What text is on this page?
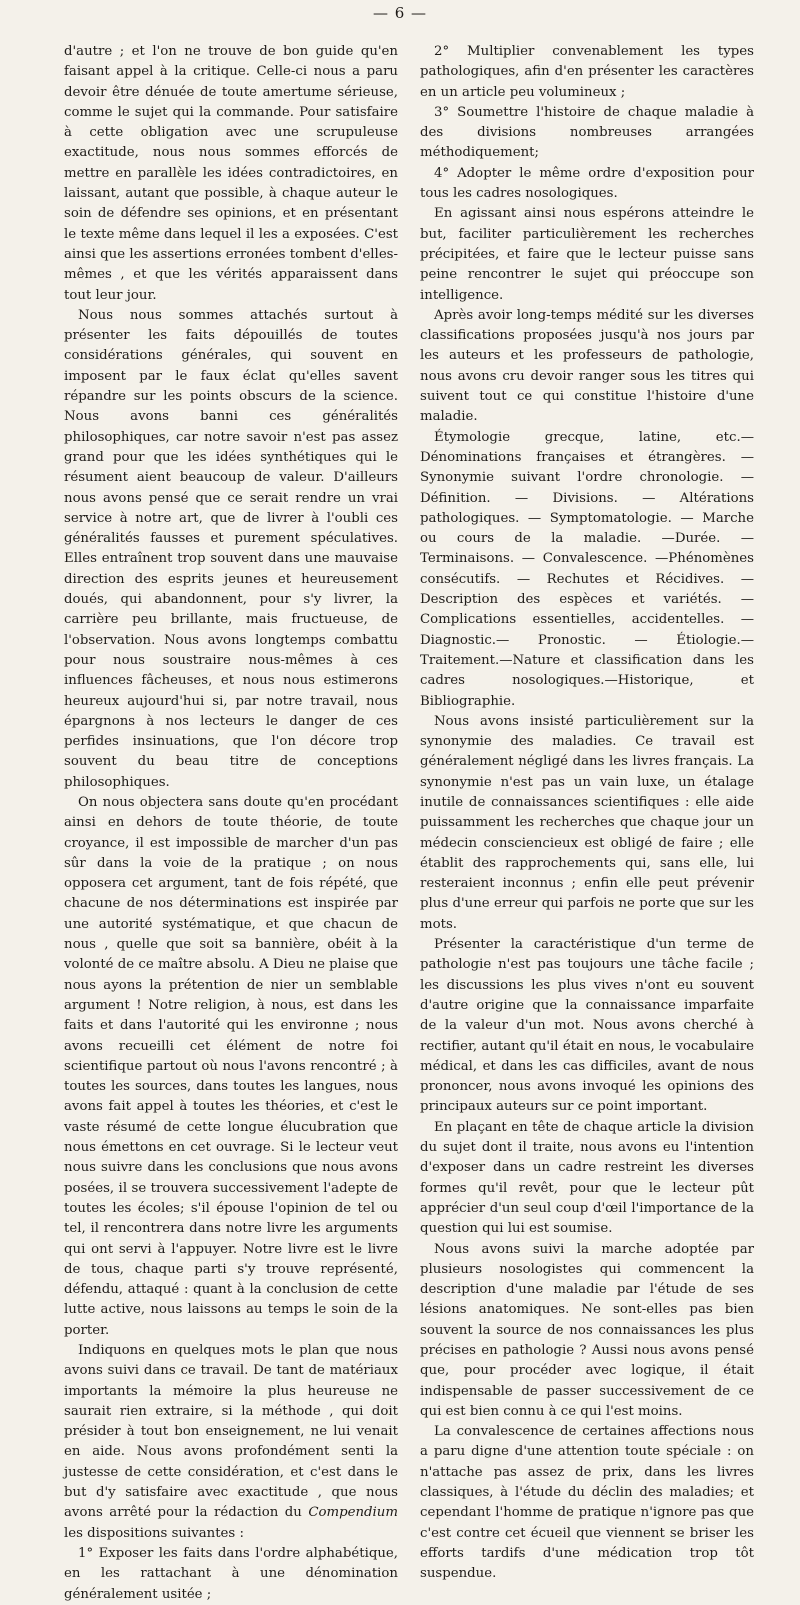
— 6 —

d'autre ; et l'on ne trouve de bon guide qu'en faisant appel à la critique. Celle-ci nous a paru devoir être dénuée de toute amertume sérieuse, comme le sujet qui la commande. Pour satisfaire à cette obligation avec une scrupuleuse exactitude, nous nous sommes efforcés de mettre en parallèle les idées contradictoires, en laissant, autant que possible, à chaque auteur le soin de défendre ses opinions, et en présentant le texte même dans lequel il les a exposées. C'est ainsi que les assertions erronées tombent d'elles-mêmes , et que les vérités apparaissent dans tout leur jour.

Nous nous sommes attachés surtout à présenter les faits dépouillés de toutes considérations générales, qui souvent en imposent par le faux éclat qu'elles savent répandre sur les points obscurs de la science. Nous avons banni ces généralités philosophiques, car notre savoir n'est pas assez grand pour que les idées synthétiques qui le résument aient beaucoup de valeur. D'ailleurs nous avons pensé que ce serait rendre un vrai service à notre art, que de livrer à l'oubli ces généralités fausses et purement spéculatives. Elles entraînent trop souvent dans une mauvaise direction des esprits jeunes et heureusement doués, qui abandonnent, pour s'y livrer, la carrière peu brillante, mais fructueuse, de l'observation. Nous avons longtemps combattu pour nous soustraire nous-mêmes à ces influences fâcheuses, et nous nous estimerons heureux aujourd'hui si, par notre travail, nous épargnons à nos lecteurs le danger de ces perfides insinuations, que l'on décore trop souvent du beau titre de conceptions philosophiques.

On nous objectera sans doute qu'en procédant ainsi en dehors de toute théorie, de toute croyance, il est impossible de marcher d'un pas sûr dans la voie de la pratique ; on nous opposera cet argument, tant de fois répété, que chacune de nos déterminations est inspirée par une autorité systématique, et que chacun de nous , quelle que soit sa bannière, obéit à la volonté de ce maître absolu. A Dieu ne plaise que nous ayons la prétention de nier un semblable argument ! Notre religion, à nous, est dans les faits et dans l'autorité qui les environne ; nous avons recueilli cet élément de notre foi scientifique partout où nous l'avons rencontré ; à toutes les sources, dans toutes les langues, nous avons fait appel à toutes les théories, et c'est le vaste résumé de cette longue élucubration que nous émettons en cet ouvrage. Si le lecteur veut nous suivre dans les conclusions que nous avons posées, il se trouvera successivement l'adepte de toutes les écoles; s'il épouse l'opinion de tel ou tel, il rencontrera dans notre livre les arguments qui ont servi à l'appuyer. Notre livre est le livre de tous, chaque parti s'y trouve représenté, défendu, attaqué : quant à la conclusion de cette lutte active, nous laissons au temps le soin de la porter.

Indiquons en quelques mots le plan que nous avons suivi dans ce travail. De tant de matériaux importants la mémoire la plus heureuse ne saurait rien extraire, si la méthode , qui doit présider à tout bon enseignement, ne lui venait en aide. Nous avons profondément senti la justesse de cette considération, et c'est dans le but d'y satisfaire avec exactitude , que nous avons arrêté pour la rédaction du Compendium les dispositions suivantes :

1° Exposer les faits dans l'ordre alphabétique, en les rattachant à une dénomination généralement usitée ;

2° Multiplier convenablement les types pathologiques, afin d'en présenter les caractères en un article peu volumineux ;

3° Soumettre l'histoire de chaque maladie à des divisions nombreuses arrangées méthodiquement;

4° Adopter le même ordre d'exposition pour tous les cadres nosologiques.

En agissant ainsi nous espérons atteindre le but, faciliter particulièrement les recherches précipitées, et faire que le lecteur puisse sans peine rencontrer le sujet qui préoccupe son intelligence.

Après avoir long-temps médité sur les diverses classifications proposées jusqu'à nos jours par les auteurs et les professeurs de pathologie, nous avons cru devoir ranger sous les titres qui suivent tout ce qui constitue l'histoire d'une maladie.

Étymologie grecque, latine, etc.—Dénominations françaises et étrangères. — Synonymie suivant l'ordre chronologie. — Définition. — Divisions. — Altérations pathologiques. — Symptomatologie. — Marche ou cours de la maladie. —Durée. — Terminaisons. — Convalescence. —Phénomènes consécutifs. — Rechutes et Récidives. — Description des espèces et variétés. — Complications essentielles, accidentelles. — Diagnostic.— Pronostic. — Étiologie.—Traitement.—Nature et classification dans les cadres nosologiques.—Historique, et Bibliographie.

Nous avons insisté particulièrement sur la synonymie des maladies. Ce travail est généralement négligé dans les livres français. La synonymie n'est pas un vain luxe, un étalage inutile de connaissances scientifiques : elle aide puissamment les recherches que chaque jour un médecin consciencieux est obligé de faire ; elle établit des rapprochements qui, sans elle, lui resteraient inconnus ; enfin elle peut prévenir plus d'une erreur qui parfois ne porte que sur les mots.

Présenter la caractéristique d'un terme de pathologie n'est pas toujours une tâche facile ; les discussions les plus vives n'ont eu souvent d'autre origine que la connaissance imparfaite de la valeur d'un mot. Nous avons cherché à rectifier, autant qu'il était en nous, le vocabulaire médical, et dans les cas difficiles, avant de nous prononcer, nous avons invoqué les opinions des principaux auteurs sur ce point important.

En plaçant en tête de chaque article la division du sujet dont il traite, nous avons eu l'intention d'exposer dans un cadre restreint les diverses formes qu'il revêt, pour que le lecteur pût apprécier d'un seul coup d'œil l'importance de la question qui lui est soumise.

Nous avons suivi la marche adoptée par plusieurs nosologistes qui commencent la description d'une maladie par l'étude de ses lésions anatomiques. Ne sont-elles pas bien souvent la source de nos connaissances les plus précises en pathologie ? Aussi nous avons pensé que, pour procéder avec logique, il était indispensable de passer successivement de ce qui est bien connu à ce qui l'est moins.

La convalescence de certaines affections nous a paru digne d'une attention toute spéciale : on n'attache pas assez de prix, dans les livres classiques, à l'étude du déclin des maladies; et cependant l'homme de pratique n'ignore pas que c'est contre cet écueil que viennent se briser les efforts tardifs d'une médication trop tôt suspendue.
